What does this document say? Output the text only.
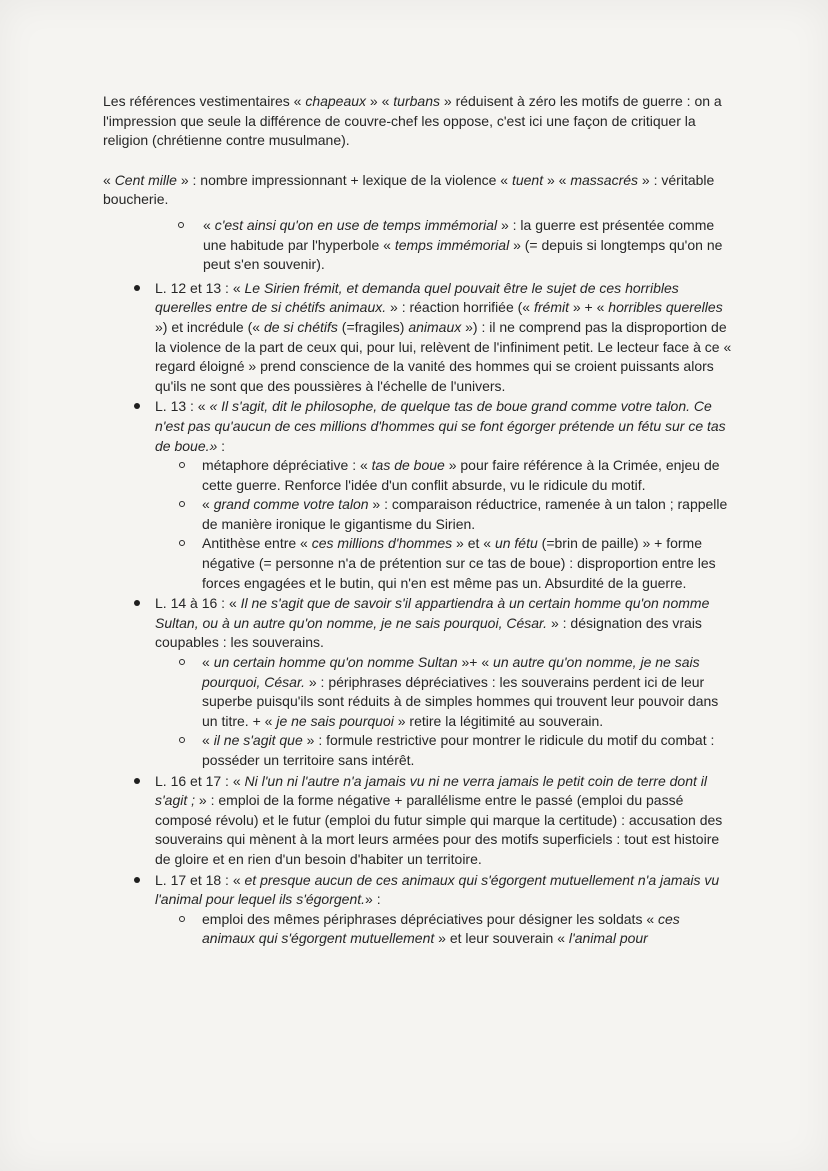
Les références vestimentaires « chapeaux » « turbans » réduisent à zéro les motifs de guerre : on a l'impression que seule la différence de couvre-chef les oppose, c'est ici une façon de critiquer la religion (chrétienne contre musulmane).

« Cent mille » : nombre impressionnant + lexique de la violence « tuent » « massacrés » : véritable boucherie.

« c'est ainsi qu'on en use de temps immémorial » : la guerre est présentée comme une habitude par l'hyperbole « temps immémorial » (= depuis si longtemps qu'on ne peut s'en souvenir).
L. 12 et 13 : « Le Sirien frémit, et demanda quel pouvait être le sujet de ces horribles querelles entre de si chétifs animaux. » : réaction horrifiée (« frémit » + « horribles querelles ») et incrédule (« de si chétifs (=fragiles) animaux ») : il ne comprend pas la disproportion de la violence de la part de ceux qui, pour lui, relèvent de l'infiniment petit. Le lecteur face à ce « regard éloigné » prend conscience de la vanité des hommes qui se croient puissants alors qu'ils ne sont que des poussières à l'échelle de l'univers.
L. 13 : « « Il s'agit, dit le philosophe, de quelque tas de boue grand comme votre talon. Ce n'est pas qu'aucun de ces millions d'hommes qui se font égorger prétende un fétu sur ce tas de boue.» :
métaphore dépréciative : « tas de boue » pour faire référence à la Crimée, enjeu de cette guerre. Renforce l'idée d'un conflit absurde, vu le ridicule du motif.
« grand comme votre talon » : comparaison réductrice, ramenée à un talon ; rappelle de manière ironique le gigantisme du Sirien.
Antithèse entre « ces millions d'hommes » et « un fétu (=brin de paille) » + forme négative (= personne n'a de prétention sur ce tas de boue) : disproportion entre les forces engagées et le butin, qui n'en est même pas un. Absurdité de la guerre.
L. 14 à 16 : « Il ne s'agit que de savoir s'il appartiendra à un certain homme qu'on nomme Sultan, ou à un autre qu'on nomme, je ne sais pourquoi, César. » : désignation des vrais coupables : les souverains.
« un certain homme qu'on nomme Sultan »+ « un autre qu'on nomme, je ne sais pourquoi, César. » : périphrases dépréciatives : les souverains perdent ici de leur superbe puisqu'ils sont réduits à de simples hommes qui trouvent leur pouvoir dans un titre. + « je ne sais pourquoi » retire la légitimité au souverain.
« il ne s'agit que » : formule restrictive pour montrer le ridicule du motif du combat : posséder un territoire sans intérêt.
L. 16 et 17 : « Ni l'un ni l'autre n'a jamais vu ni ne verra jamais le petit coin de terre dont il s'agit ; » : emploi de la forme négative + parallélisme entre le passé (emploi du passé composé révolu) et le futur (emploi du futur simple qui marque la certitude) : accusation des souverains qui mènent à la mort leurs armées pour des motifs superficiels : tout est histoire de gloire et en rien d'un besoin d'habiter un territoire.
L. 17 et 18 : « et presque aucun de ces animaux qui s'égorgent mutuellement n'a jamais vu l'animal pour lequel ils s'égorgent.» :
emploi des mêmes périphrases dépréciatives pour désigner les soldats « ces animaux qui s'égorgent mutuellement » et leur souverain « l'animal pour
